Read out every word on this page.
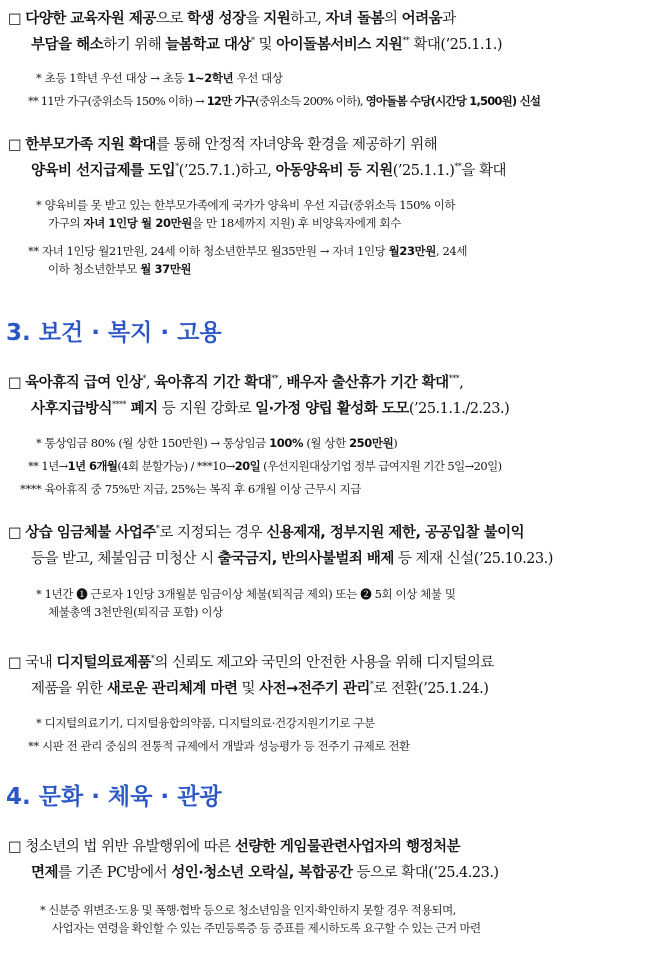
□ 다양한 교육자원 제공으로 학생 성장을 지원하고, 자녀 돌봄의 어려움과
부담을 해소하기 위해 늘봄학교 대상* 및 아이돌봄서비스 지원** 확대(’25.1.1.)
* 초등 1학년 우선 대상 → 초등 1~2학년 우선 대상
** 11만 가구(중위소득 150% 이하) → 12만 가구(중위소득 200% 이하), 영아돌봄 수당(시간당 1,500원) 신설
□ 한부모가족 지원 확대를 통해 안정적 자녀양육 환경을 제공하기 위해
양육비 선지급제를 도입*(’25.7.1.)하고, 아동양육비 등 지원(’25.1.1.)**을 확대
* 양육비를 못 받고 있는 한부모가족에게 국가가 양육비 우선 지급(중위소득 150% 이하
가구의 자녀 1인당 월 20만원을 만 18세까지 지원) 후 비양육자에게 회수
** 자녀 1인당 월21만원, 24세 이하 청소년한부모 월35만원 → 자녀 1인당 월23만원, 24세
이하 청소년한부모 월 37만원
3. 보건 · 복지 · 고용
□ 육아휴직 급여 인상*, 육아휴직 기간 확대**, 배우자 출산휴가 기간 확대***,
사후지급방식**** 폐지 등 지원 강화로 일·가정 양립 활성화 도모(’25.1.1./2.23.)
* 통상임금 80% (월 상한 150만원) → 통상임금 100% (월 상한 250만원)
** 1년→1년 6개월(4회 분할가능) / ***10→20일 (우선지원대상기업 정부 급여지원 기간 5일→20일)
**** 육아휴직 중 75%만 지급, 25%는 복직 후 6개월 이상 근무시 지급
□ 상습 임금체불 사업주*로 지정되는 경우 신용제재, 정부지원 제한, 공공입찰 불이익
등을 받고, 체불임금 미청산 시 출국금지, 반의사불벌죄 배제 등 제재 신설(’25.10.23.)
* 1년간 ❶ 근로자 1인당 3개월분 임금이상 체불(퇴직금 제외) 또는 ❷ 5회 이상 체불 및
체불총액 3천만원(퇴직금 포함) 이상
□ 국내 디지털의료제품*의 신뢰도 제고와 국민의 안전한 사용을 위해 디지털의료
제품을 위한 새로운 관리체계 마련 및 사전→전주기 관리*로 전환(’25.1.24.)
* 디지털의료기기, 디지털융합의약품, 디지털의료·건강지원기기로 구분
** 시판 전 관리 중심의 전통적 규제에서 개발과 성능평가 등 전주기 규제로 전환
4. 문화 · 체육 · 관광
□ 청소년의 법 위반 유발행위에 따른 선량한 게임물관련사업자의 행정처분
면제를 기존 PC방에서 성인·청소년 오락실, 복합공간 등으로 확대(’25.4.23.)
* 신분증 위변조·도용 및 폭행·협박 등으로 청소년임을 인지·확인하지 못할 경우 적용되며,
사업자는 연령을 확인할 수 있는 주민등록증 등 증표를 제시하도록 요구할 수 있는 근거 마련
